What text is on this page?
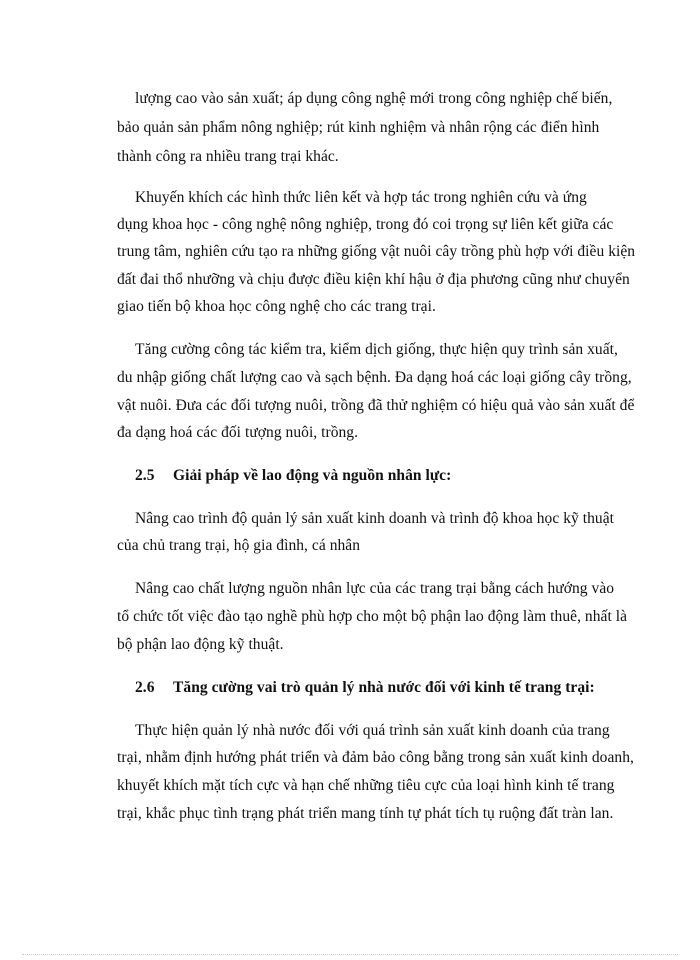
lượng cao vào sản xuất; áp dụng công nghệ mới trong công nghiệp chế biến,
bảo quản sản phẩm nông nghiệp; rút kinh nghiệm và nhân rộng các điển hình
thành công ra nhiều trang trại khác.
Khuyến khích các hình thức liên kết và hợp tác trong nghiên cứu và ứng
dụng khoa học - công nghệ nông nghiệp, trong đó coi trọng sự liên kết giữa các
trung tâm, nghiên cứu tạo ra những giống vật nuôi cây trồng phù hợp với điều kiện
đất đai thổ nhưỡng và chịu được điều kiện khí hậu ở địa phương cũng như chuyển
giao tiến bộ khoa học công nghệ cho các trang trại.
Tăng cường công tác kiểm tra, kiểm dịch giống, thực hiện quy trình sản xuất,
du nhập giống chất lượng cao và sạch bệnh. Đa dạng hoá các loại giống cây trồng,
vật nuôi. Đưa các đối tượng nuôi, trồng đã thử nghiệm có hiệu quả vào sản xuất để
đa dạng hoá các đối tượng nuôi, trồng.
2.5 Giải pháp về lao động và nguồn nhân lực:
Nâng cao trình độ quản lý sản xuất kinh doanh và trình độ khoa học kỹ thuật
của chủ trang trại, hộ gia đình, cá nhân
Nâng cao chất lượng nguồn nhân lực của các trang trại bằng cách hướng vào
tổ chức tốt việc đào tạo nghề phù hợp cho một bộ phận lao động làm thuê, nhất là
bộ phận lao động kỹ thuật.
2.6 Tăng cường vai trò quản lý nhà nước đối với kinh tế trang trại:
Thực hiện quản lý nhà nước đối với quá trình sản xuất kinh doanh của trang
trại, nhằm định hướng phát triển và đảm bảo công bằng trong sản xuất kinh doanh,
khuyết khích mặt tích cực và hạn chế những tiêu cực của loại hình kinh tế trang
trại, khắc phục tình trạng phát triển mang tính tự phát tích tụ ruộng đất tràn lan.
